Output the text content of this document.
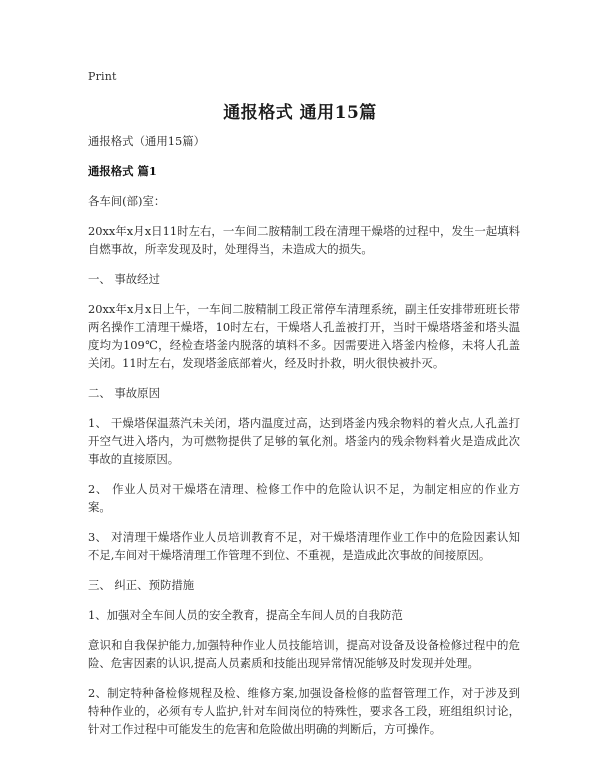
Print
通报格式 通用15篇

通报格式（通用15篇）

通报格式 篇1

各车间(部)室：

20xx年x月x日11时左右，一车间二胺精制工段在清理干燥塔的过程中，发生一起填料自燃事故，所幸发现及时，处理得当，未造成大的损失。

一、 事故经过

20xx年x月x日上午，一车间二胺精制工段正常停车清理系统，副主任安排带班班长带两名操作工清理干燥塔，10时左右，干燥塔人孔盖被打开，当时干燥塔塔釜和塔头温度均为109℃，经检查塔釜内脱落的填料不多。因需要进入塔釜内检修，未将人孔盖关闭。11时左右，发现塔釜底部着火，经及时扑救，明火很快被扑灭。

二、 事故原因

1、 干燥塔保温蒸汽未关闭，塔内温度过高，达到塔釜内残余物料的着火点,人孔盖打开空气进入塔内，为可燃物提供了足够的氧化剂。塔釜内的残余物料着火是造成此次事故的直接原因。

2、 作业人员对干燥塔在清理、检修工作中的危险认识不足，为制定相应的作业方案。

3、 对清理干燥塔作业人员培训教育不足，对干燥塔清理作业工作中的危险因素认知不足,车间对干燥塔清理工作管理不到位、不重视，是造成此次事故的间接原因。

三、 纠正、预防措施

1、加强对全车间人员的安全教育，提高全车间人员的自我防范

意识和自我保护能力,加强特种作业人员技能培训，提高对设备及设备检修过程中的危险、危害因素的认识,提高人员素质和技能出现异常情况能够及时发现并处理。

2、制定特种备检修规程及检、维修方案,加强设备检修的监督管理工作，对于涉及到特种作业的，必须有专人监护,针对车间岗位的特殊性，要求各工段，班组组织讨论，针对工作过程中可能发生的危害和危险做出明确的判断后，方可操作。
